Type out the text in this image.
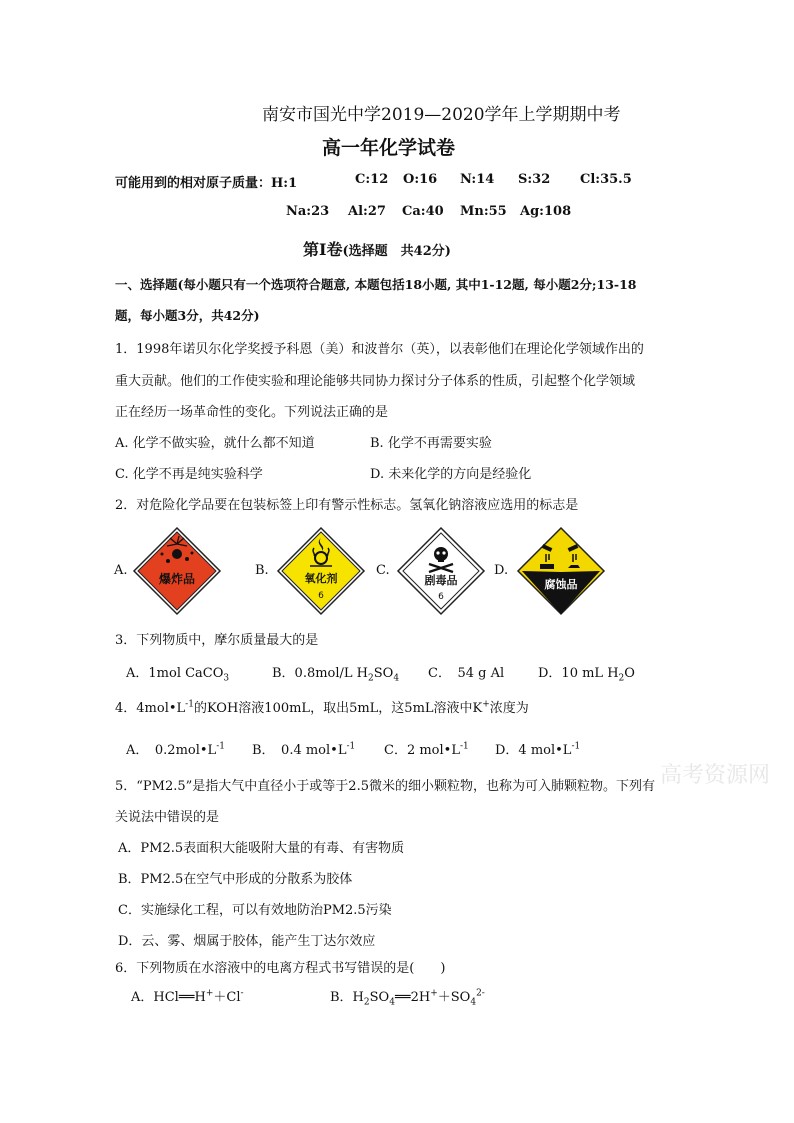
南安市国光中学2019—2020学年上学期期中考
高一年化学试卷
可能用到的相对原子质量：H:1	C:12 O:16 N:14 S:32 Cl:35.5
Na:23 Al:27 Ca:40 Mn:55 Ag:108
第Ⅰ卷(选择题　共42分)
一、选择题(每小题只有一个选项符合题意, 本题包括18小题, 其中1-12题, 每小题2分;13-18
题，每小题3分，共42分)
1．1998年诺贝尔化学奖授予科恩（美）和波普尔（英），以表彰他们在理论化学领域作出的
重大贡献。他们的工作使实验和理论能够共同协力探讨分子体系的性质，引起整个化学领域
正在经历一场革命性的变化。下列说法正确的是
A. 化学不做实验，就什么都不知道	B. 化学不再需要实验
C. 化学不再是纯实验科学	D. 未来化学的方向是经验化
2．对危险化学品要在包装标签上印有警示性标志。氢氧化钠溶液应选用的标志是
A.
爆炸品
B.
氧化剂
6
C.
剧毒品
6
D.
腐蚀品
3．下列物质中，摩尔质量最大的是
A．1mol CaCO$_3$	B．0.8mol/L $H_2SO_4$ C．　54 g Al	D．10 mL $H_2O$
4．$4mol•L^{-1}$的KOH溶液100mL，取出5mL，这5mL溶液中K+浓度为
A．　$0.2mol•L^{-1}$ B．　0.4 $mol•L^{-1}$ C．2 $mol•L^{-1}$ D．4 $mol•L^{-1}$
高考资源网
5．“PM2.5”是指大气中直径小于或等于2.5微米的细小颗粒物，也称为可入肺颗粒物。下列有
关说法中错误的是
A．PM2.5表面积大能吸附大量的有毒、有害物质
B．PM2.5在空气中形成的分散系为胶体
C．实施绿化工程，可以有效地防治PM2.5污染
D．云、雾、烟属于胶体，能产生丁达尔效应
6．下列物质在水溶液中的电离方程式书写错误的是(　　)
A．HCl══H+＋Cl-	B．$H_2SO_4══2H^++SO_4^{2-}$
